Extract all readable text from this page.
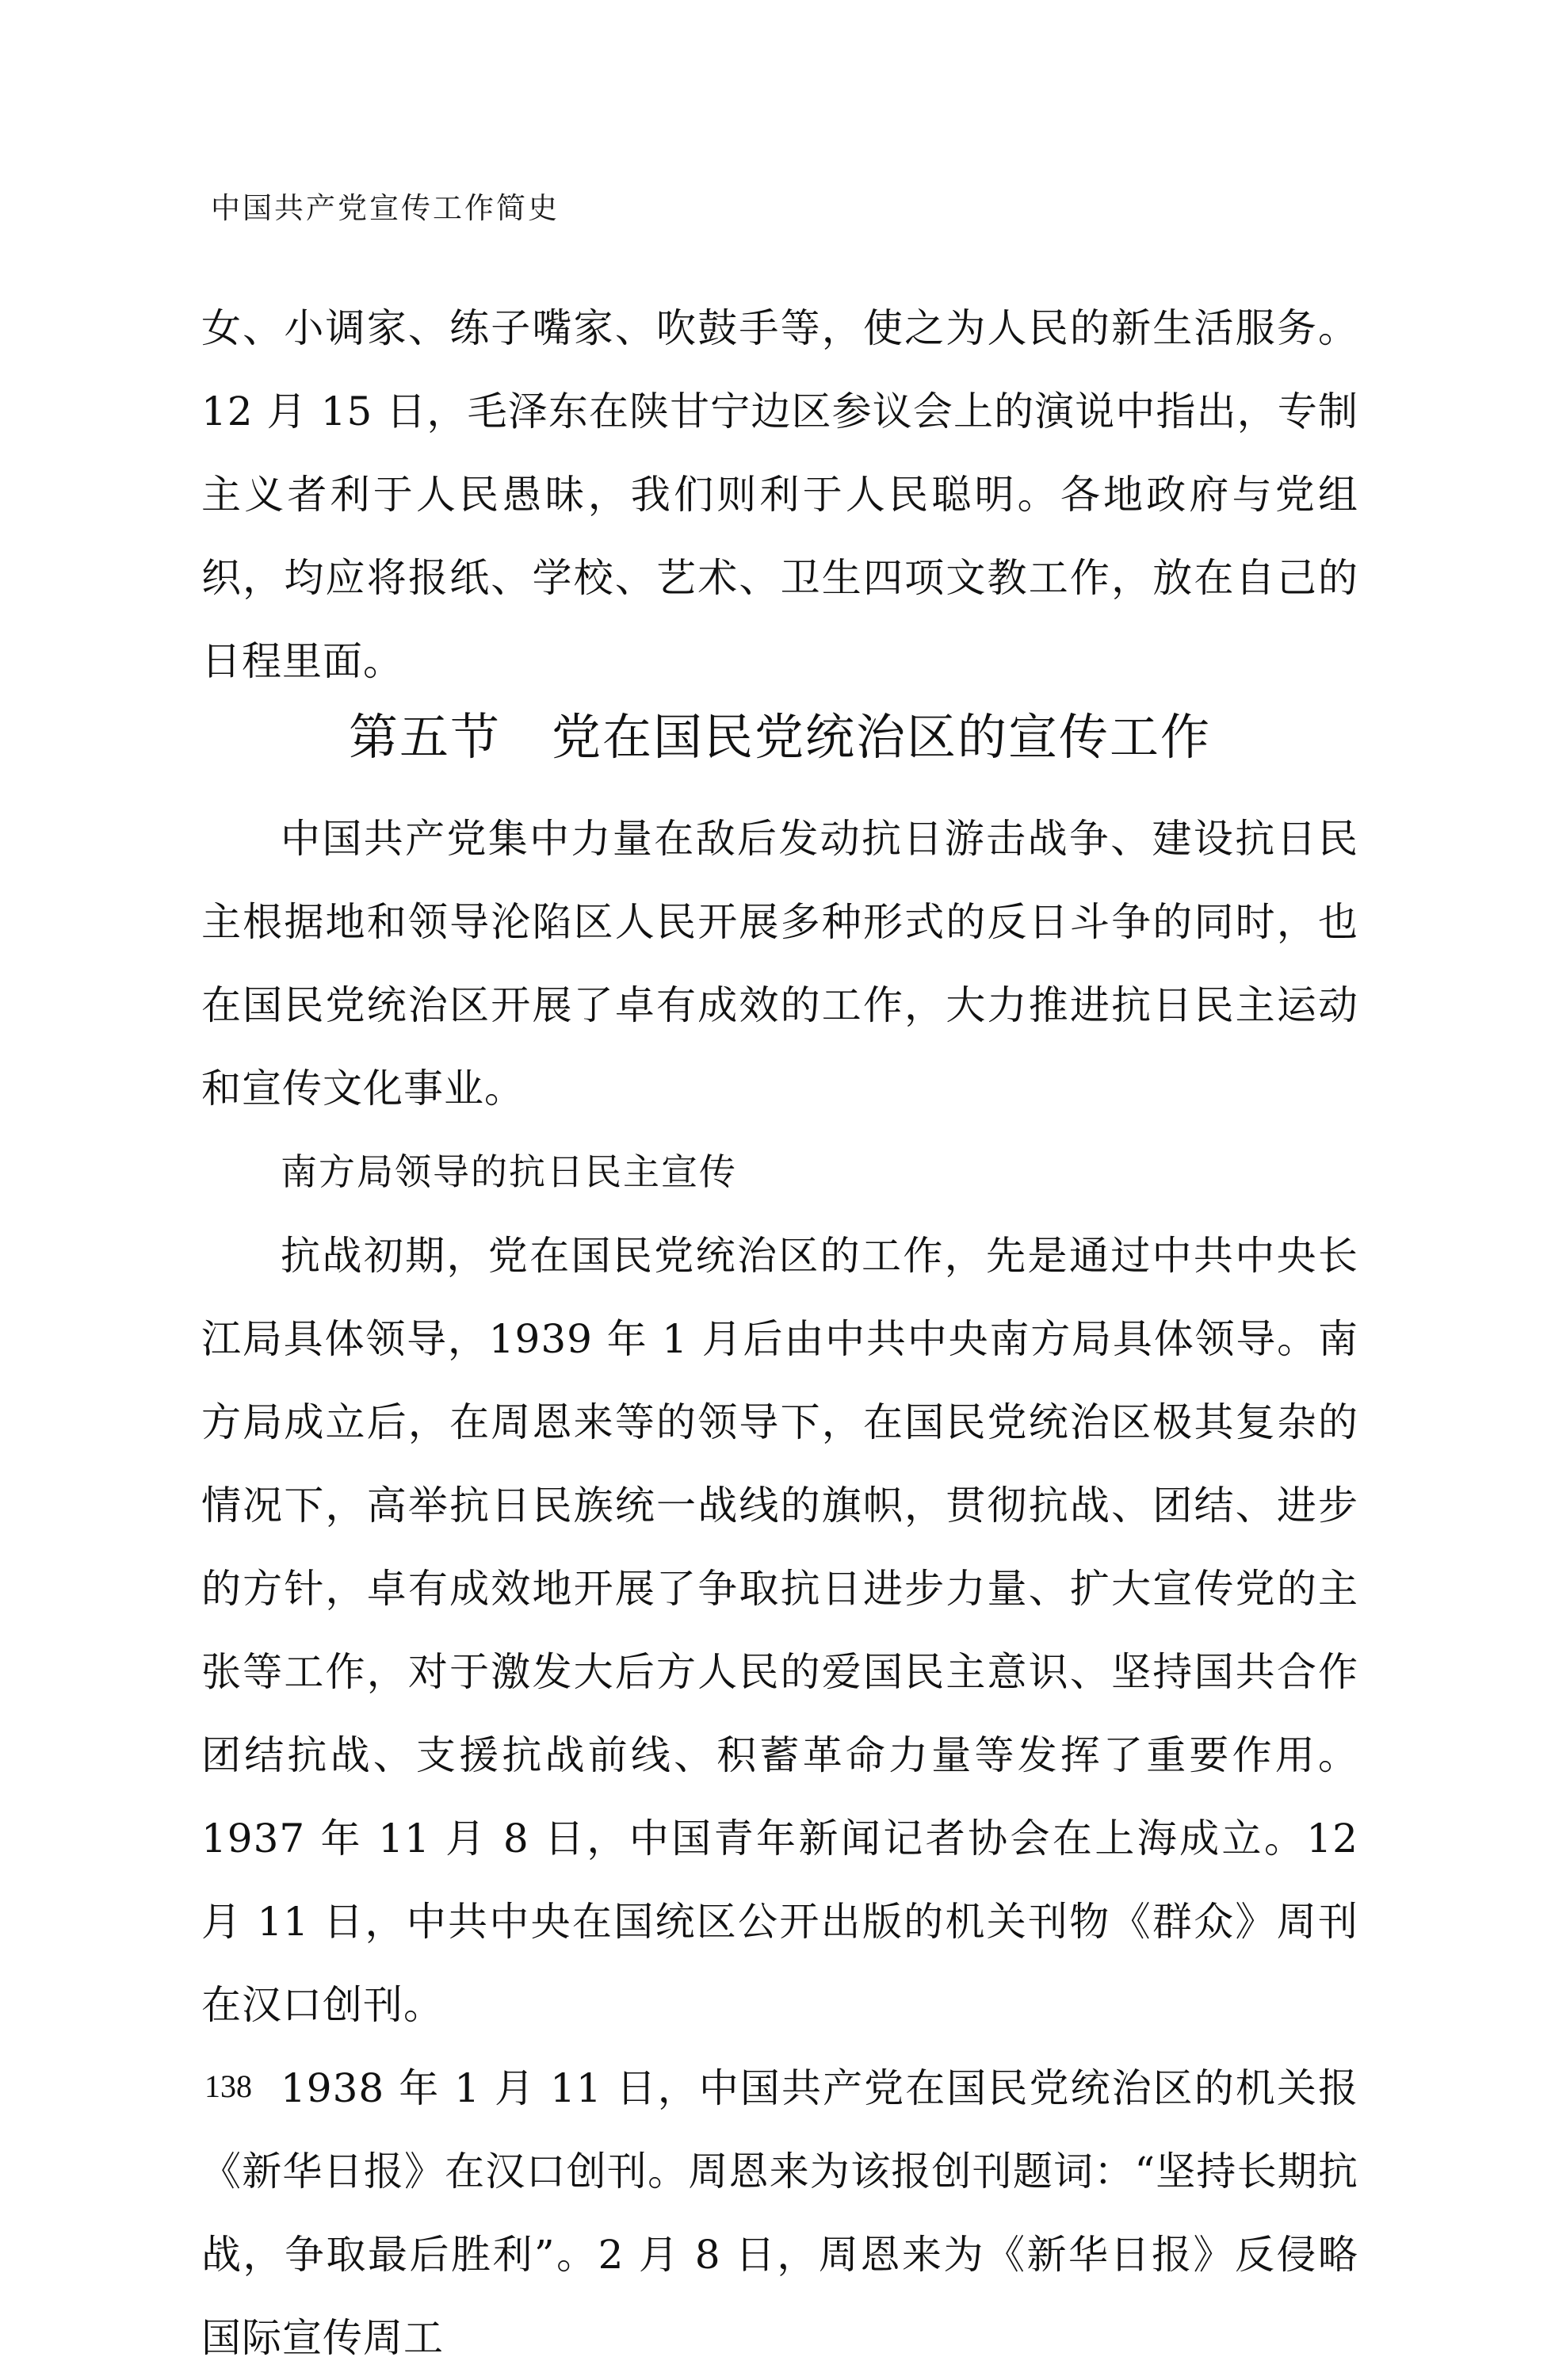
中国共产党宣传工作简史

女、小调家、练子嘴家、吹鼓手等，使之为人民的新生活服务。12 月 15 日，毛泽东在陕甘宁边区参议会上的演说中指出，专制主义者利于人民愚昧，我们则利于人民聪明。各地政府与党组织，均应将报纸、学校、艺术、卫生四项文教工作，放在自己的日程里面。

第五节　党在国民党统治区的宣传工作

中国共产党集中力量在敌后发动抗日游击战争、建设抗日民主根据地和领导沦陷区人民开展多种形式的反日斗争的同时，也在国民党统治区开展了卓有成效的工作，大力推进抗日民主运动和宣传文化事业。

南方局领导的抗日民主宣传

抗战初期，党在国民党统治区的工作，先是通过中共中央长江局具体领导，1939 年 1 月后由中共中央南方局具体领导。南方局成立后，在周恩来等的领导下，在国民党统治区极其复杂的情况下，高举抗日民族统一战线的旗帜，贯彻抗战、团结、进步的方针，卓有成效地开展了争取抗日进步力量、扩大宣传党的主张等工作，对于激发大后方人民的爱国民主意识、坚持国共合作团结抗战、支援抗战前线、积蓄革命力量等发挥了重要作用。1937 年 11 月 8 日，中国青年新闻记者协会在上海成立。12 月 11 日，中共中央在国统区公开出版的机关刊物《群众》周刊在汉口创刊。

1938 年 1 月 11 日，中国共产党在国民党统治区的机关报《新华日报》在汉口创刊。周恩来为该报创刊题词：“坚持长期抗战，争取最后胜利”。2 月 8 日，周恩来为《新华日报》反侵略国际宣传周工

138
